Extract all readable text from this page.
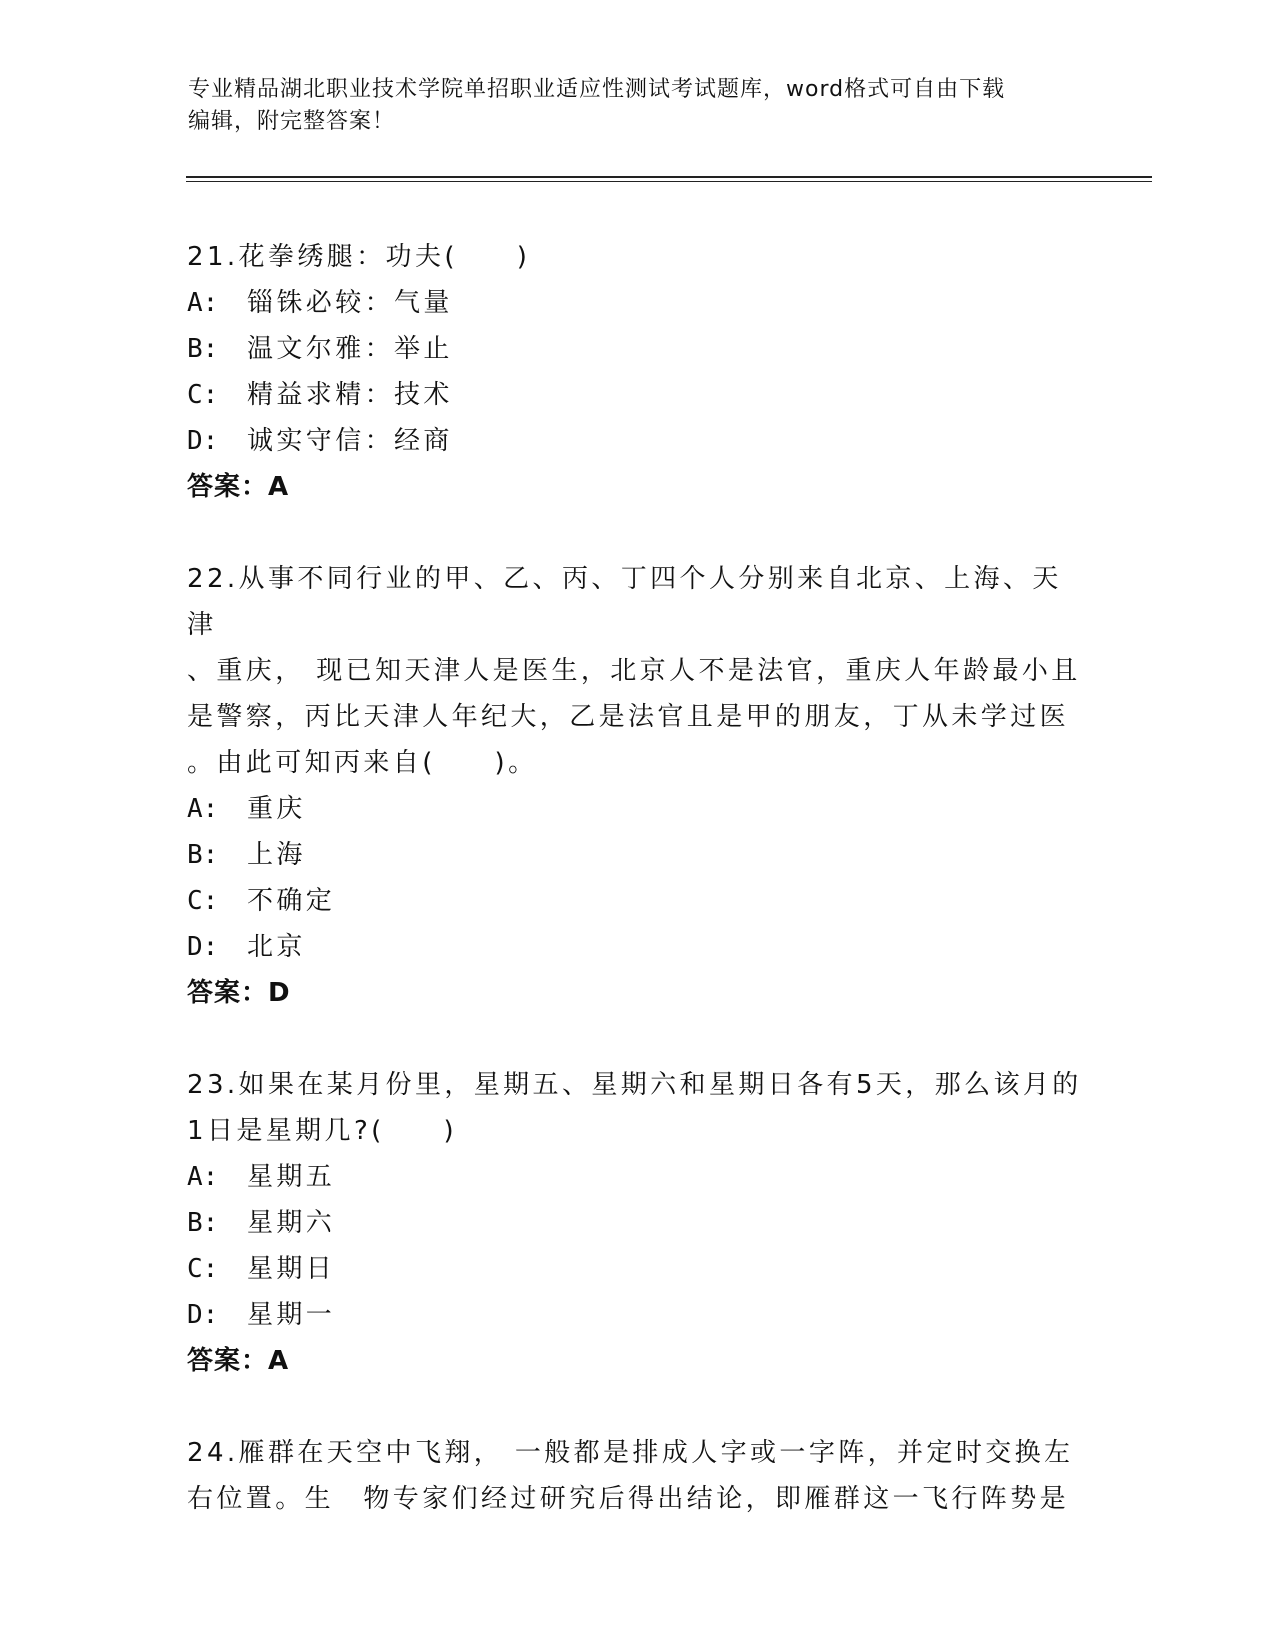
专业精品湖北职业技术学院单招职业适应性测试考试题库，word格式可自由下载
编辑，附完整答案！
21.花拳绣腿：功夫(　　)
A: 锱铢必较：气量
B: 温文尔雅：举止
C: 精益求精：技术
D: 诚实守信：经商
答案：A
22.从事不同行业的甲、乙、丙、丁四个人分别来自北京、上海、天津
、重庆， 现已知天津人是医生，北京人不是法官，重庆人年龄最小且
是警察，丙比天津人年纪大，乙是法官且是甲的朋友，丁从未学过医
。由此可知丙来自(　　)。
A: 重庆
B: 上海
C: 不确定
D: 北京
答案：D
23.如果在某月份里，星期五、星期六和星期日各有5天，那么该月的
1日是星期几?(　　)
A: 星期五
B: 星期六
C: 星期日
D: 星期一
答案：A
24.雁群在天空中飞翔， 一般都是排成人字或一字阵，并定时交换左
右位置。生　物专家们经过研究后得出结论，即雁群这一飞行阵势是
